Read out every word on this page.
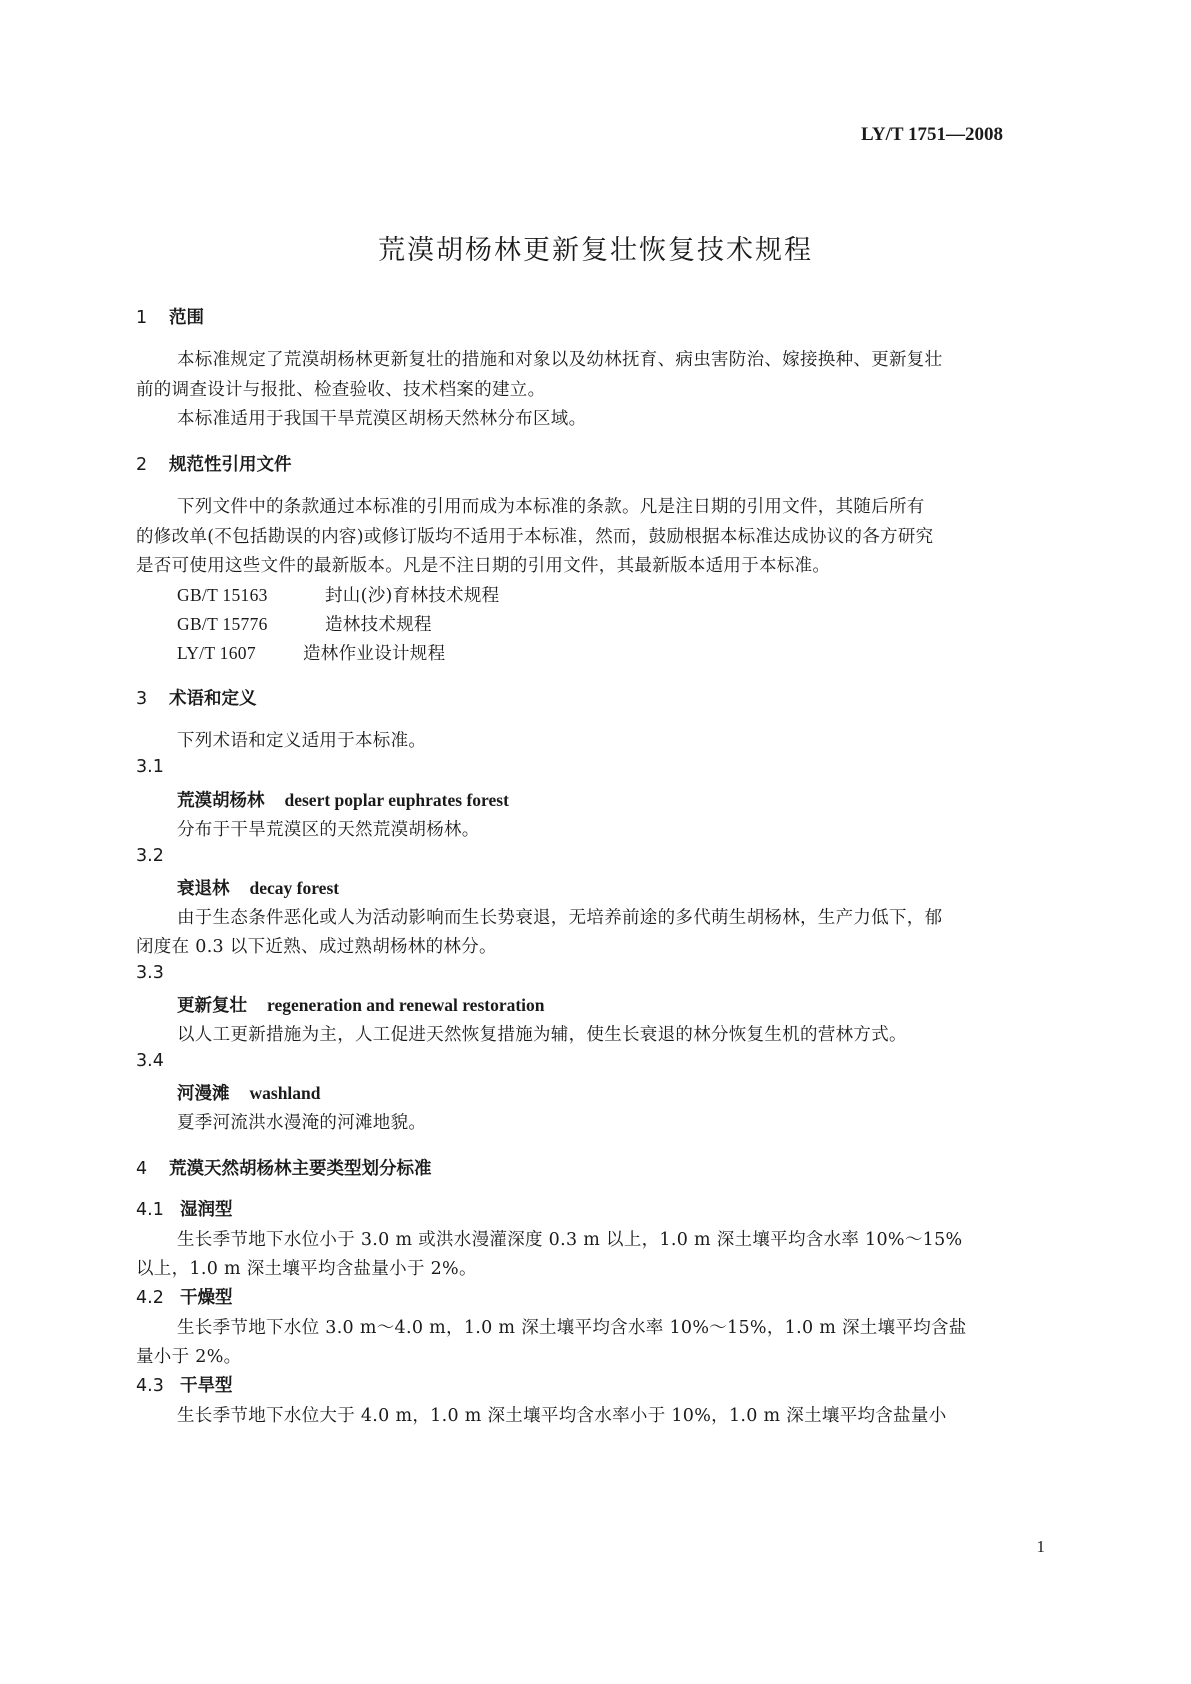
LY/T 1751—2008
荒漠胡杨林更新复壮恢复技术规程
1 范围
本标准规定了荒漠胡杨林更新复壮的措施和对象以及幼林抚育、病虫害防治、嫁接换种、更新复壮
前的调查设计与报批、检查验收、技术档案的建立。
本标准适用于我国干旱荒漠区胡杨天然林分布区域。
2 规范性引用文件
下列文件中的条款通过本标准的引用而成为本标准的条款。凡是注日期的引用文件，其随后所有
的修改单(不包括勘误的内容)或修订版均不适用于本标准，然而，鼓励根据本标准达成协议的各方研究
是否可使用这些文件的最新版本。凡是不注日期的引用文件，其最新版本适用于本标准。
GB/T 15163	封山(沙)育林技术规程
GB/T 15776	造林技术规程
LY/T 1607	造林作业设计规程
3 术语和定义
下列术语和定义适用于本标准。
3.1
荒漠胡杨林 desert poplar euphrates forest
分布于干旱荒漠区的天然荒漠胡杨林。
3.2
衰退林 decay forest
由于生态条件恶化或人为活动影响而生长势衰退，无培养前途的多代萌生胡杨林，生产力低下，郁
闭度在 0.3 以下近熟、成过熟胡杨林的林分。
3.3
更新复壮 regeneration and renewal restoration
以人工更新措施为主，人工促进天然恢复措施为辅，使生长衰退的林分恢复生机的营林方式。
3.4
河漫滩 washland
夏季河流洪水漫淹的河滩地貌。
4 荒漠天然胡杨林主要类型划分标准
4.1 湿润型
生长季节地下水位小于 3.0 m 或洪水漫灌深度 0.3 m 以上，1.0 m 深土壤平均含水率 10%～15%
以上，1.0 m 深土壤平均含盐量小于 2%。
4.2 干燥型
生长季节地下水位 3.0 m～4.0 m，1.0 m 深土壤平均含水率 10%～15%，1.0 m 深土壤平均含盐
量小于 2%。
4.3 干旱型
生长季节地下水位大于 4.0 m，1.0 m 深土壤平均含水率小于 10%，1.0 m 深土壤平均含盐量小
1
